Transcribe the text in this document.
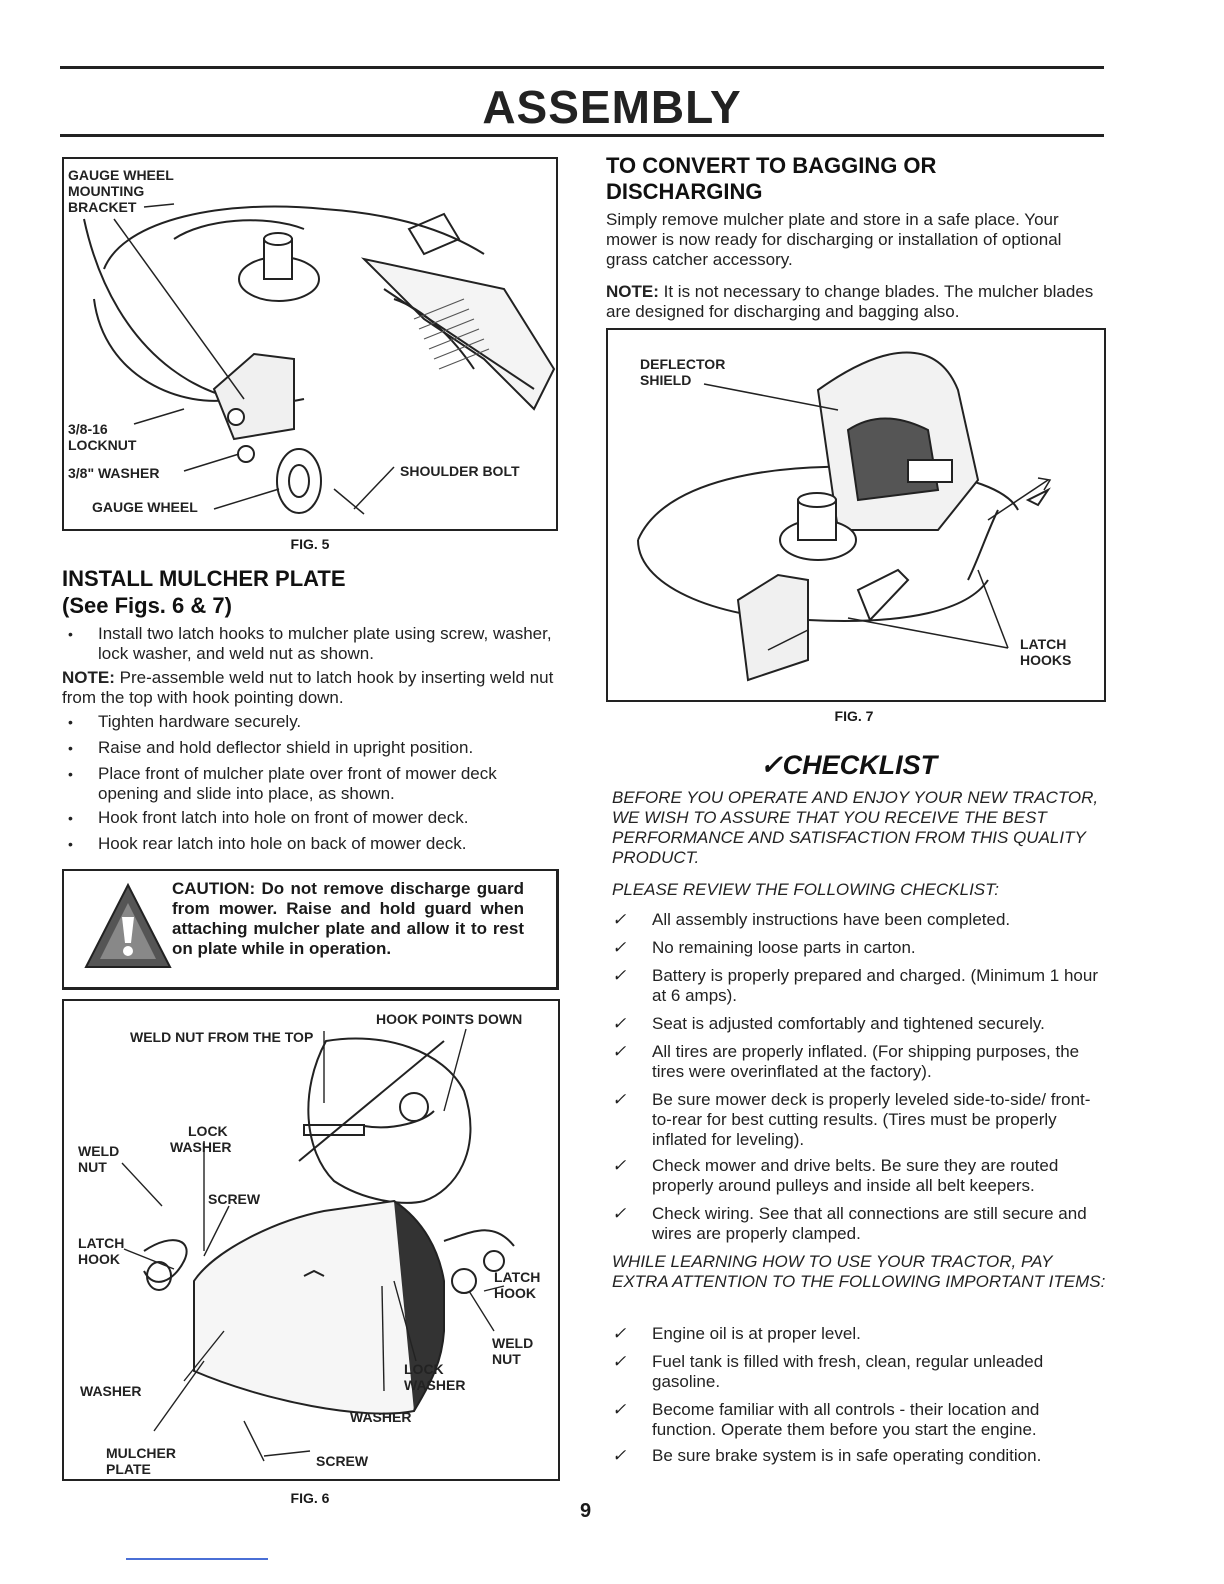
ASSEMBLY
GAUGE WHEEL
MOUNTING
BRACKET
3/8-16
LOCKNUT
3/8" WASHER
GAUGE WHEEL
SHOULDER BOLT
FIG. 5
INSTALL MULCHER PLATE
(See Figs. 6 & 7)
• Install two latch hooks to mulcher plate using screw, washer, lock washer, and weld nut as shown.
NOTE: Pre-assemble weld nut to latch hook by inserting weld nut from the top with hook pointing down.
• Tighten hardware securely.
• Raise and hold deflector shield in upright position.
• Place front of mulcher plate over front of mower deck opening and slide into place, as shown.
• Hook front latch into hole on front of mower deck.
• Hook rear latch into hole on back of mower deck.
CAUTION: Do not remove discharge guard from mower. Raise and hold guard when attaching mulcher plate and allow it to rest on plate while in operation.
HOOK POINTS DOWN
WELD NUT FROM THE TOP
LOCK
WASHER
WELD
NUT
SCREW
LATCH
HOOK
LATCH
HOOK
WELD
NUT
LOCK
WASHER
WASHER
WASHER
MULCHER
PLATE	SCREW
FIG. 6
TO CONVERT TO BAGGING OR
DISCHARGING
Simply remove mulcher plate and store in a safe place. Your mower is now ready for discharging or installation of optional grass catcher accessory.
NOTE: It is not necessary to change blades. The mulcher blades are designed for discharging and bagging also.
DEFLECTOR
SHIELD
LATCH
HOOKS
FIG. 7
✓CHECKLIST
BEFORE YOU OPERATE AND ENJOY YOUR NEW TRACTOR, WE WISH TO ASSURE THAT YOU RECEIVE THE BEST PERFORMANCE AND SATISFACTION FROM THIS QUALITY PRODUCT.
PLEASE REVIEW THE FOLLOWING CHECKLIST:
✓ All assembly instructions have been completed.
✓ No remaining loose parts in carton.
✓ Battery is properly prepared and charged. (Minimum 1 hour at 6 amps).
✓ Seat is adjusted comfortably and tightened securely.
✓ All tires are properly inflated. (For shipping purposes, the tires were overinflated at the factory).
✓ Be sure mower deck is properly leveled side-to-side/ front-to-rear for best cutting results. (Tires must be properly inflated for leveling).
✓ Check mower and drive belts. Be sure they are routed properly around pulleys and inside all belt keepers.
✓ Check wiring. See that all connections are still secure and wires are properly clamped.
WHILE LEARNING HOW TO USE YOUR TRACTOR, PAY EXTRA ATTENTION TO THE FOLLOWING IMPORTANT ITEMS:
✓ Engine oil is at proper level.
✓ Fuel tank is filled with fresh, clean, regular unleaded gasoline.
✓ Become familiar with all controls - their location and function. Operate them before you start the engine.
✓ Be sure brake system is in safe operating condition.
9
